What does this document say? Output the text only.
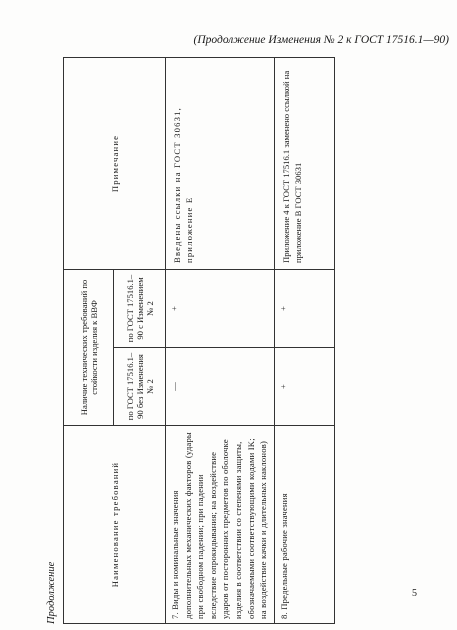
(Продолжение Изменения № 2 к ГОСТ 17516.1—90)
Продолжение
Наименование требований	Наличие технических требований по стойкости изделия к ВВФ		Примечание
	по ГОСТ 17516.1–90 без Изменения № 2	по ГОСТ 17516.1–90 с Изменением № 2	
7. Виды и номинальные значения дополнительных механических факторов (удары при свободном падении; при падении вследствие опрокидывания; на воздействие ударов от посторонних предметов по оболочке изделия в соответствии со степенями защиты, обозначаемыми соответствующими кодами IK; на воздействие качки и длительных наклонов)	—	+	Введены ссылки на ГОСТ 30631, приложение Е
8. Предельные рабочие значения	+	+	Приложение 4 к ГОСТ 17516.1 заменено ссылкой на приложение В ГОСТ 30631
5
